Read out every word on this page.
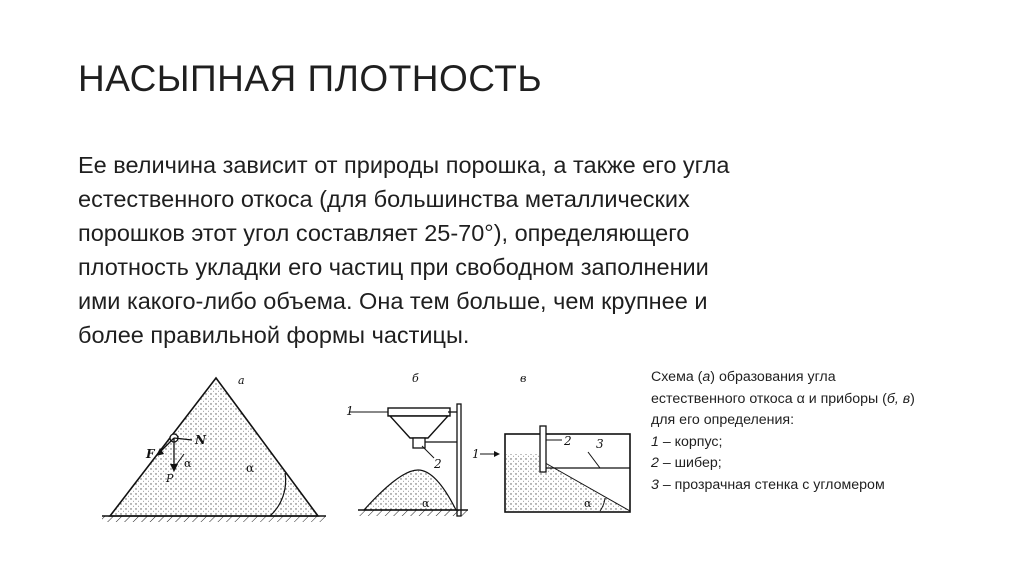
НАСЫПНАЯ ПЛОТНОСТЬ
Ее величина зависит от природы порошка, а также его угла
естественного откоса (для большинства металлических
порошков этот угол составляет 25-70°), определяющего
плотность укладки его частиц при свободном заполнении
ими какого-либо объема. Она тем больше, чем крупнее и
более правильной формы частицы.
а
F
N
P
α	α
б
1
2
α
в
1
2 3
α
Схема (а) образования угла
естественного откоса α и приборы (б, в)
для его определения:
1 – корпус;
2 – шибер;
3 – прозрачная стенка с угломером
